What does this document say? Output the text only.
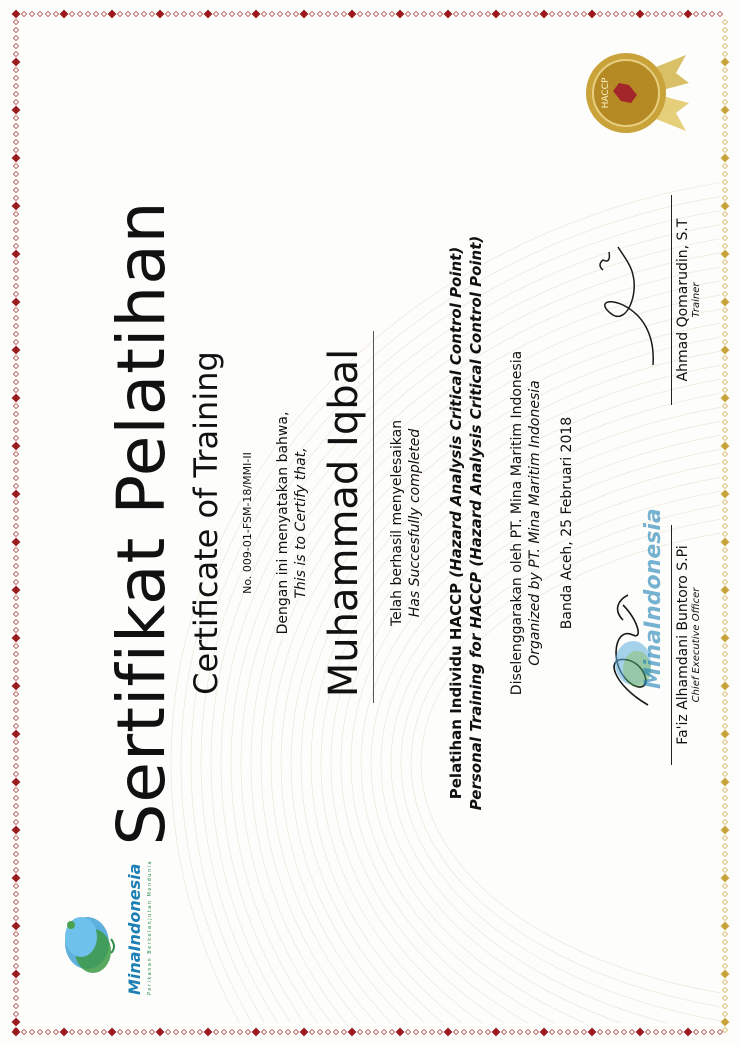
MinaIndonesia Perikanan Berkelanjutan Mendunia
Sertifikat Pelatihan Certificate of Training No. 009-01-FSM-18/MMI-II Dengan ini menyatakan bahwa, This is to Certify that, Muhammad Iqbal Telah berhasil menyelesaikan Has Succesfully completed
Pelatihan Individu HACCP (Hazard Analysis Critical Control Point) Personal Training for HACCP (Hazard Analysis Critical Control Point) Diselenggarakan oleh PT. Mina Maritim Indonesia Organized by PT. Mina Maritim Indonesia Banda Aceh, 25 Februari 2018	MinaIndonesia Fa'iz Alhamdani Buntoro S.Pi Chief Executive Officer
Ahmad Qomarudin, S.T Trainer
HACCP
